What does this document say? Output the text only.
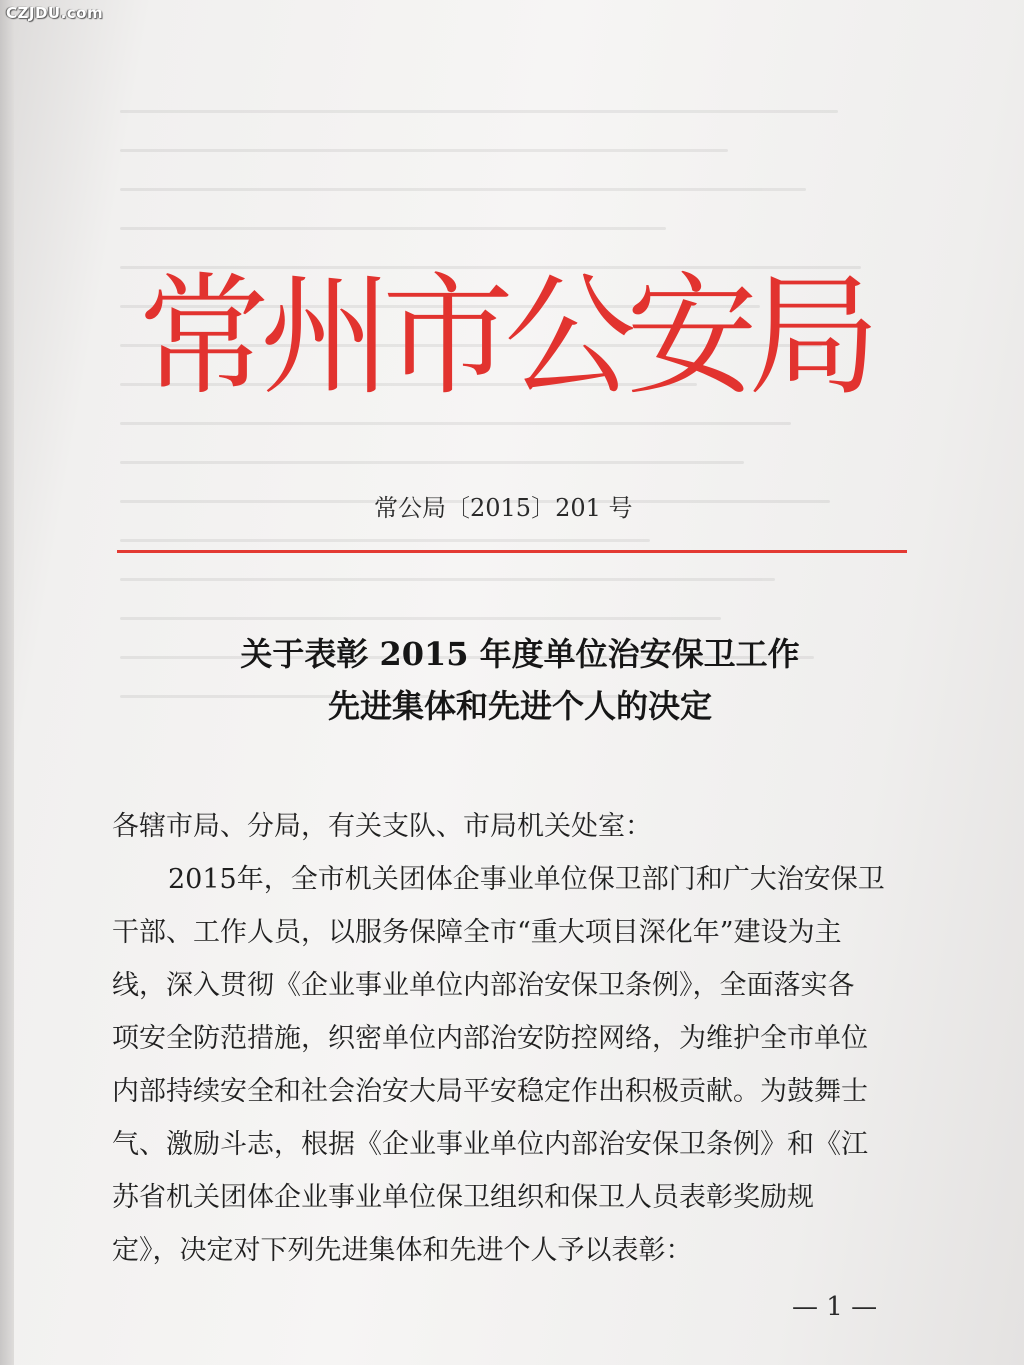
CZJDU.com
常州市公安局
常公局〔2015〕201 号
关于表彰 2015 年度单位治安保卫工作
先进集体和先进个人的决定
各辖市局、分局，有关支队、市局机关处室：
2015年，全市机关团体企事业单位保卫部门和广大治安保卫
干部、工作人员，以服务保障全市“重大项目深化年”建设为主
线，深入贯彻《企业事业单位内部治安保卫条例》，全面落实各
项安全防范措施，织密单位内部治安防控网络，为维护全市单位
内部持续安全和社会治安大局平安稳定作出积极贡献。为鼓舞士
气、激励斗志，根据《企业事业单位内部治安保卫条例》和《江
苏省机关团体企业事业单位保卫组织和保卫人员表彰奖励规
定》，决定对下列先进集体和先进个人予以表彰：
— 1 —
